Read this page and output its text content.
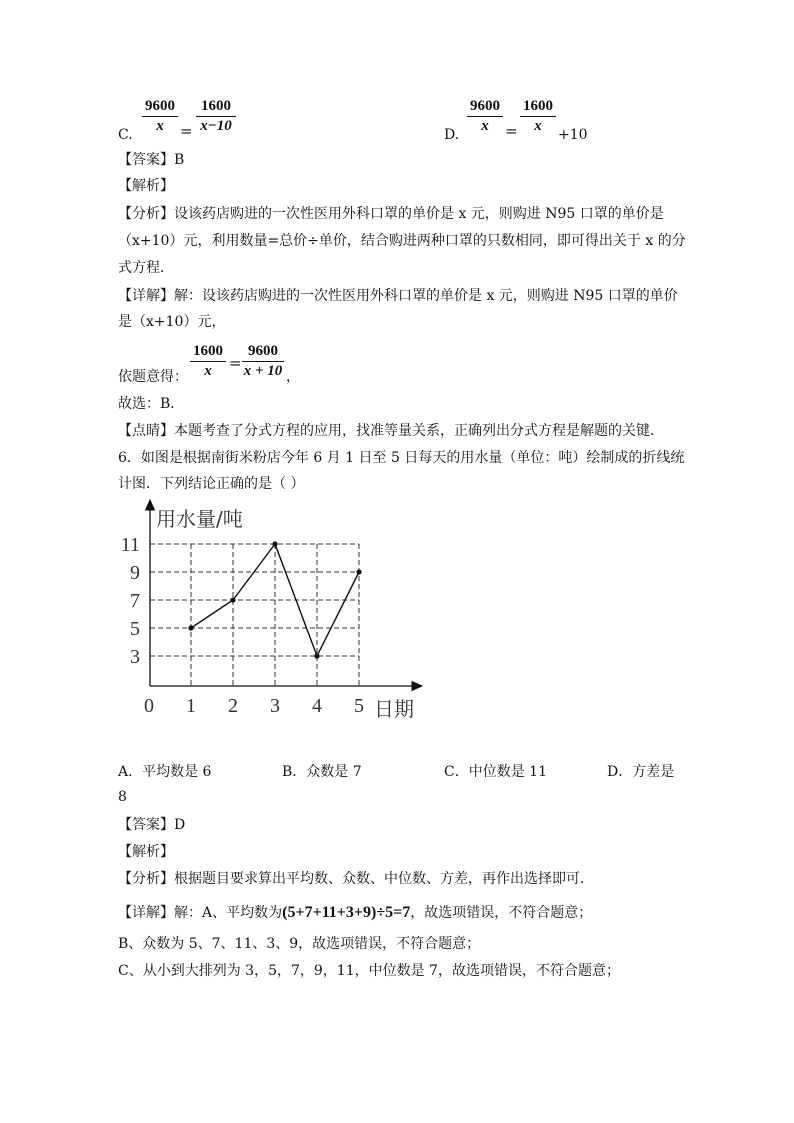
C. $\frac{9600}{x} = \frac{1600}{x-10}$	D. $\frac{9600}{x} = \frac{1600}{x} +10$
【答案】B
【解析】
【分析】设该药店购进的一次性医用外科口罩的单价是 x 元，则购进 N95 口罩的单价是
（x+10）元，利用数量=总价÷单价，结合购进两种口罩的只数相同，即可得出关于 x 的分
式方程．
【详解】解：设该药店购进的一次性医用外科口罩的单价是 x 元，则购进 N95 口罩的单价
是（x+10）元，
依题意得： $\frac{1600}{x} = \frac{9600}{x + 10}$ ，
故选：B．
【点睛】本题考查了分式方程的应用，找准等量关系，正确列出分式方程是解题的关键．
6．如图是根据南街米粉店今年 6 月 1 日至 5 日每天的用水量（单位：吨）绘制成的折线统
计图．下列结论正确的是（ ）
用水量/吨
日期
0
3
5
7
9
11
1 2 3 4 5
A．平均数是 6	B．众数是 7	C．中位数是 11	D．方差是
8
【答案】D
【解析】
【分析】根据题目要求算出平均数、众数、中位数、方差，再作出选择即可．
【详解】解：A、平均数为(5+7+11+3+9)÷5=7，故选项错误，不符合题意；
B、众数为 5、7、11、3、9，故选项错误，不符合题意；
C、从小到大排列为 3，5，7，9，11，中位数是 7，故选项错误，不符合题意；
